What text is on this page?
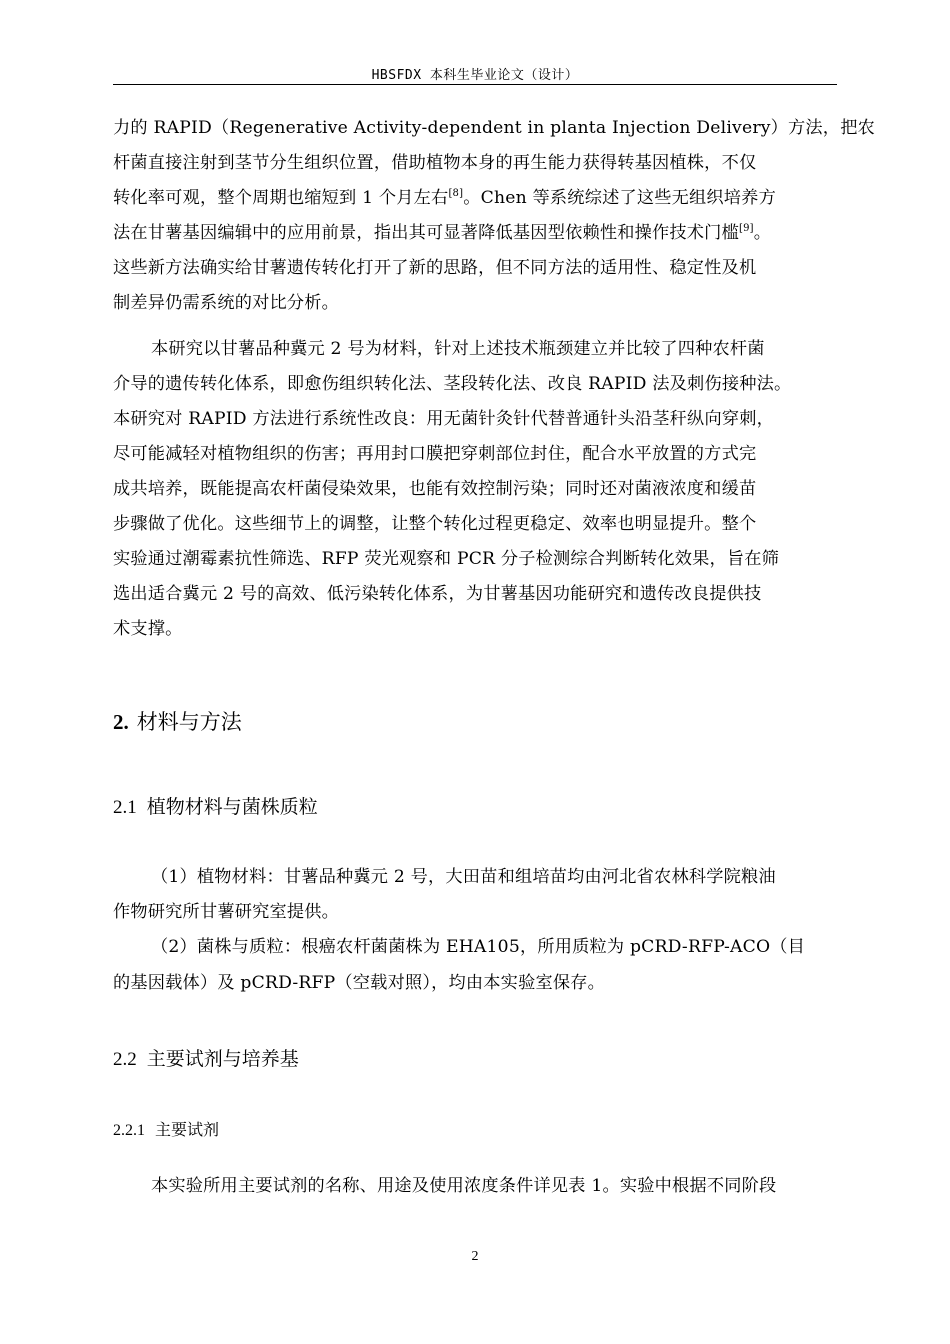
HBSFDX 本科生毕业论文（设计）
力的 RAPID（Regenerative Activity-dependent in planta Injection Delivery）方法，把农
杆菌直接注射到茎节分生组织位置，借助植物本身的再生能力获得转基因植株，不仅
转化率可观，整个周期也缩短到 1 个月左右[8]。Chen 等系统综述了这些无组织培养方
法在甘薯基因编辑中的应用前景，指出其可显著降低基因型依赖性和操作技术门槛[9]。
这些新方法确实给甘薯遗传转化打开了新的思路，但不同方法的适用性、稳定性及机
制差异仍需系统的对比分析。
本研究以甘薯品种冀元 2 号为材料，针对上述技术瓶颈建立并比较了四种农杆菌
介导的遗传转化体系，即愈伤组织转化法、茎段转化法、改良 RAPID 法及刺伤接种法。
本研究对 RAPID 方法进行系统性改良：用无菌针灸针代替普通针头沿茎秆纵向穿刺，
尽可能减轻对植物组织的伤害；再用封口膜把穿刺部位封住，配合水平放置的方式完
成共培养，既能提高农杆菌侵染效果，也能有效控制污染；同时还对菌液浓度和缓苗
步骤做了优化。这些细节上的调整，让整个转化过程更稳定、效率也明显提升。整个
实验通过潮霉素抗性筛选、RFP 荧光观察和 PCR 分子检测综合判断转化效果，旨在筛
选出适合冀元 2 号的高效、低污染转化体系，为甘薯基因功能研究和遗传改良提供技
术支撑。
2. 材料与方法
2.1 植物材料与菌株质粒
（1）植物材料：甘薯品种冀元 2 号，大田苗和组培苗均由河北省农林科学院粮油
作物研究所甘薯研究室提供。
（2）菌株与质粒：根癌农杆菌菌株为 EHA105，所用质粒为 pCRD-RFP-ACO（目
的基因载体）及 pCRD-RFP（空载对照），均由本实验室保存。
2.2 主要试剂与培养基
2.2.1 主要试剂
本实验所用主要试剂的名称、用途及使用浓度条件详见表 1。实验中根据不同阶段
2
